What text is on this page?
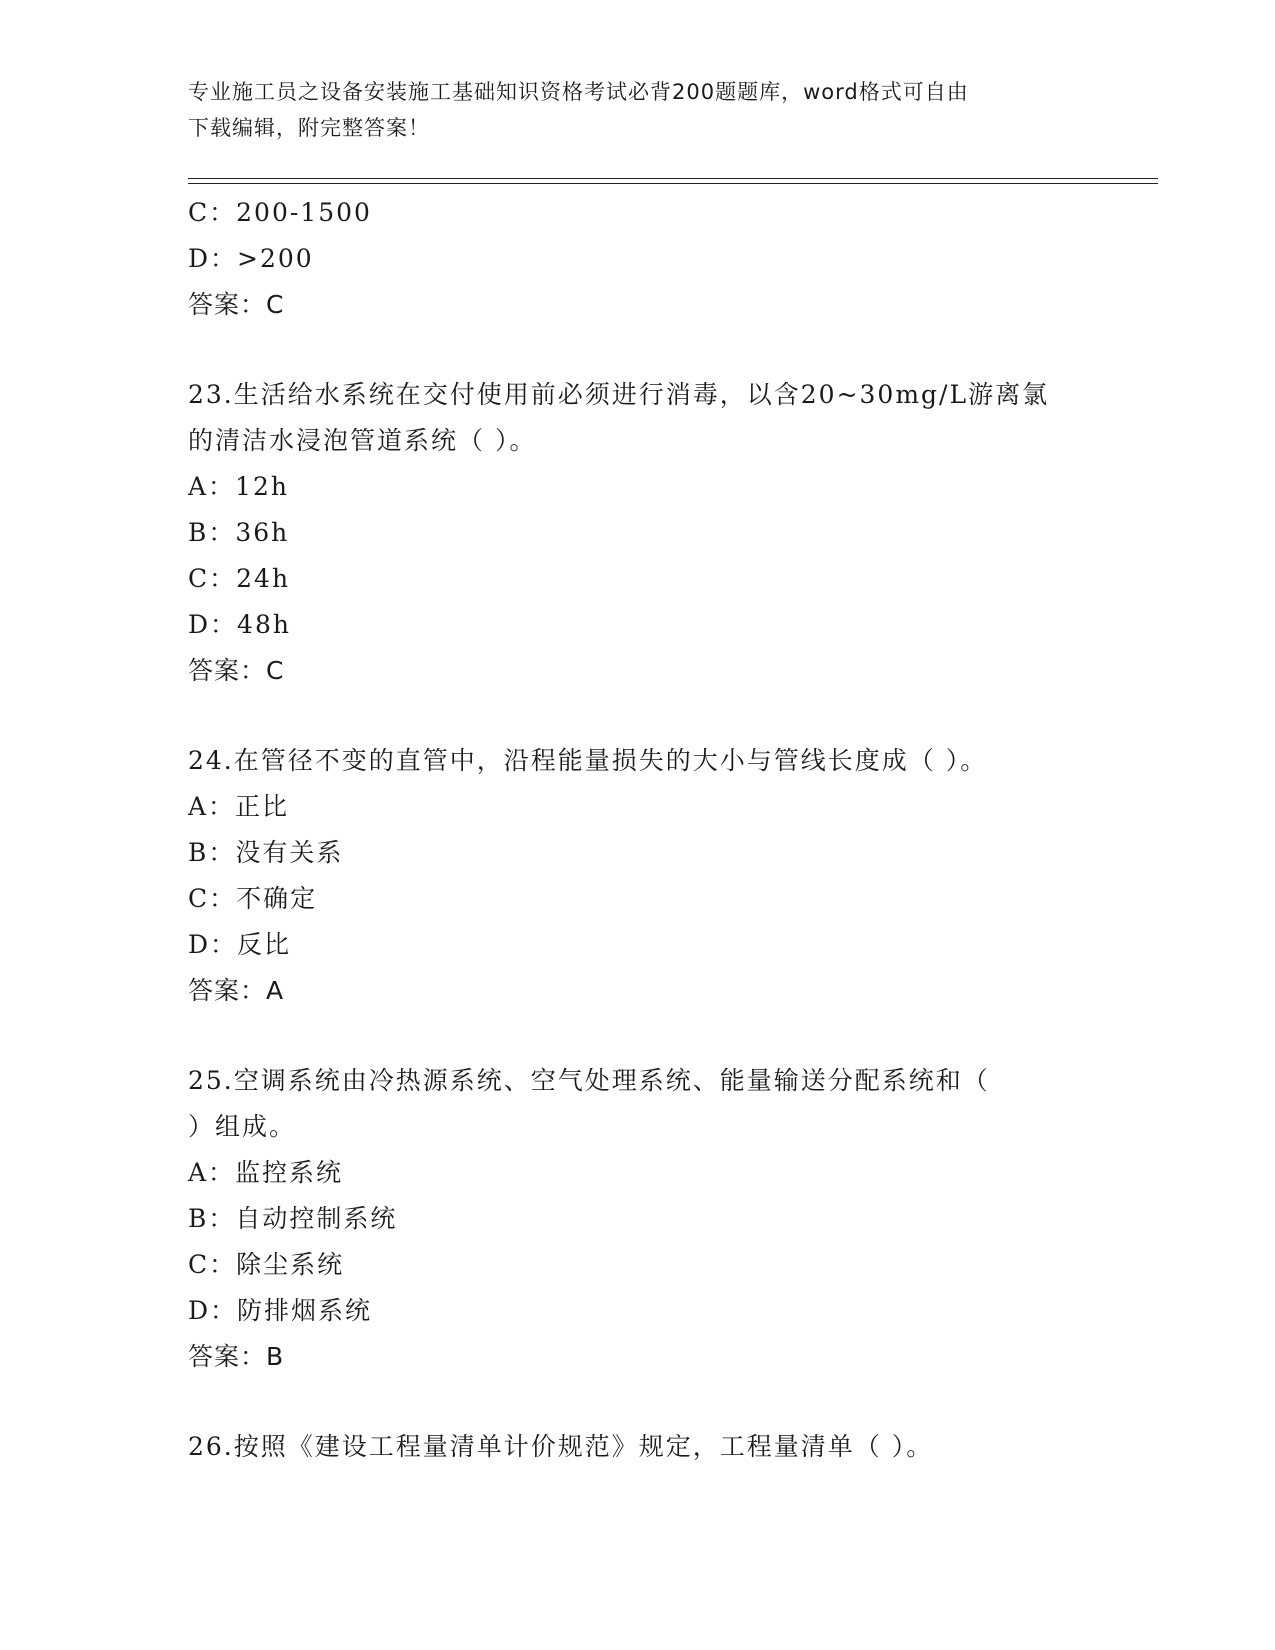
专业施工员之设备安装施工基础知识资格考试必背200题题库，word格式可自由
下载编辑，附完整答案！
C：200-1500
D：>200
答案：C
23.生活给水系统在交付使用前必须进行消毒，以含20~30mg/L游离氯
的清洁水浸泡管道系统（ ）。
A：12h
B：36h
C：24h
D：48h
答案：C
24.在管径不变的直管中，沿程能量损失的大小与管线长度成（ ）。
A：正比
B：没有关系
C：不确定
D：反比
答案：A
25.空调系统由冷热源系统、空气处理系统、能量输送分配系统和（
）组成。
A：监控系统
B：自动控制系统
C：除尘系统
D：防排烟系统
答案：B
26.按照《建设工程量清单计价规范》规定，工程量清单（ ）。
